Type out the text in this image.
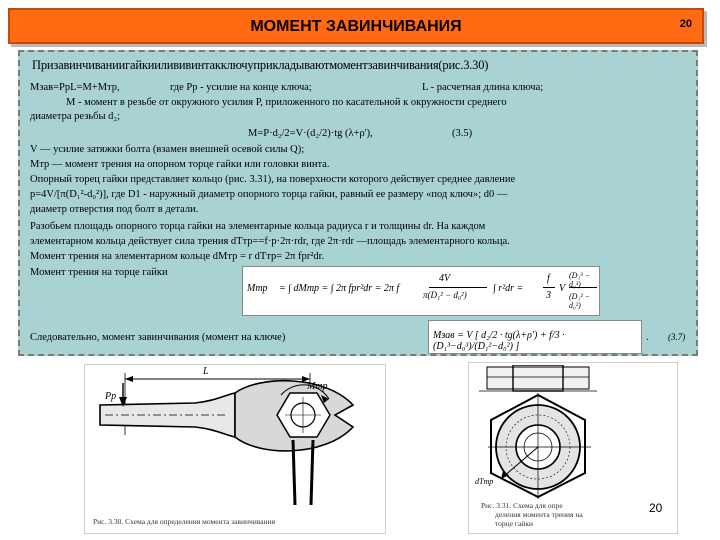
МОМЕНТ ЗАВИНЧИВАНИЯ	20
Призавинчиваниигайкиилививинтакключуприкладываютмоментзавинчивания(рис.3.30)
Мзав=РрL=М+Мтр,	где Рр - усилие на конце ключа;	L - расчетная длина ключа;
М - момент в резьбе от окружного усилия Р, приложенного по касательной к окружности среднего
диаметра резьбы d₂;
М=Р·d₂/2=V·(d₂/2)·tg (λ+ρ'),	(3.5)
V — усилие затяжки болта (взамен внешней осевой силы Q);
Мтр — момент трения на опорном торце гайки или головки винта.
Опорный торец гайки представляет кольцо (рис. 3.31), на поверхности которого действует среднее давление
р=4V/[π(D₁²-d₀²)], где D1 - наружный диаметр опорного торца гайки, равный ее размеру «под ключ»; d0 —
диаметр отверстия под болт в детали.
Разобьем площадь опорного торца гайки на элементарные кольца радиуса r и толщины dr. На каждом
элементарном кольца действует сила трения dTтр==f·p·2π·rdr, где 2π·rdr —площадь элементарного кольца.
Момент трения на элементарном кольце dМтр = r dTтр= 2π fpr²dr.
Момент трения на торце гайки
Mтр = ∫ dMтр = ∫ 2π fpr²dr = 2π f
4V
π(D₁² − d₀²)
∫ r²dr =
f
3
V
(D₁³ − d₀³)
(D₁² − d₀²)
Следовательно, момент завинчивания (момент на ключе)	Mзав = V [ d₂/2 · tg(λ+ρ') + f/3 · (D₁³−d₀³)/(D₁²−d₀²) ]
. (3.7)
L
Pp
Mтр
Рис. 3.30. Схема для определения момента завинчивания
dTтр
Рис. 3.31. Схема для опре
деления момента трения на
торце гайки
20
